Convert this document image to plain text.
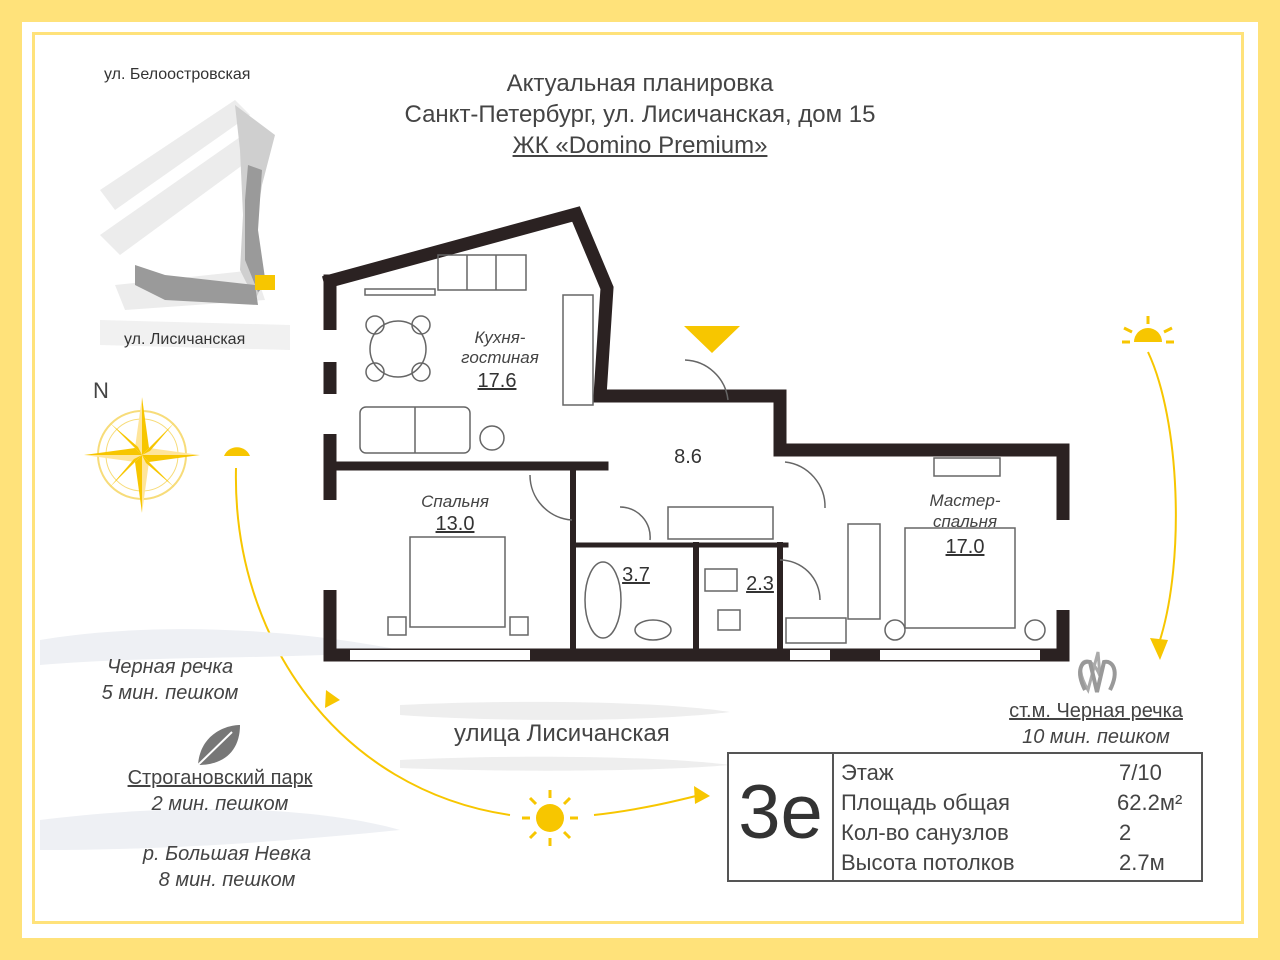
Актуальная планировка
Санкт-Петербург, ул. Лисичанская, дом 15
ЖК «Domino Premium»
ул. Белоостровская
ул. Лисичанская
N
Кухня-
гостиная
17.6
Спальня
13.0
8.6
3.7	2.3
Мастер-
спальня
17.0
улица Лисичанская
Черная речка
5 мин. пешком
Строгановский парк
2 мин. пешком
р. Большая Невка
8 мин. пешком
ст.м. Черная речка
10 мин. пешком
3е Этаж	7/10
Площадь общая	62.2м²
Кол-во санузлов	2
Высота потолков	2.7м
